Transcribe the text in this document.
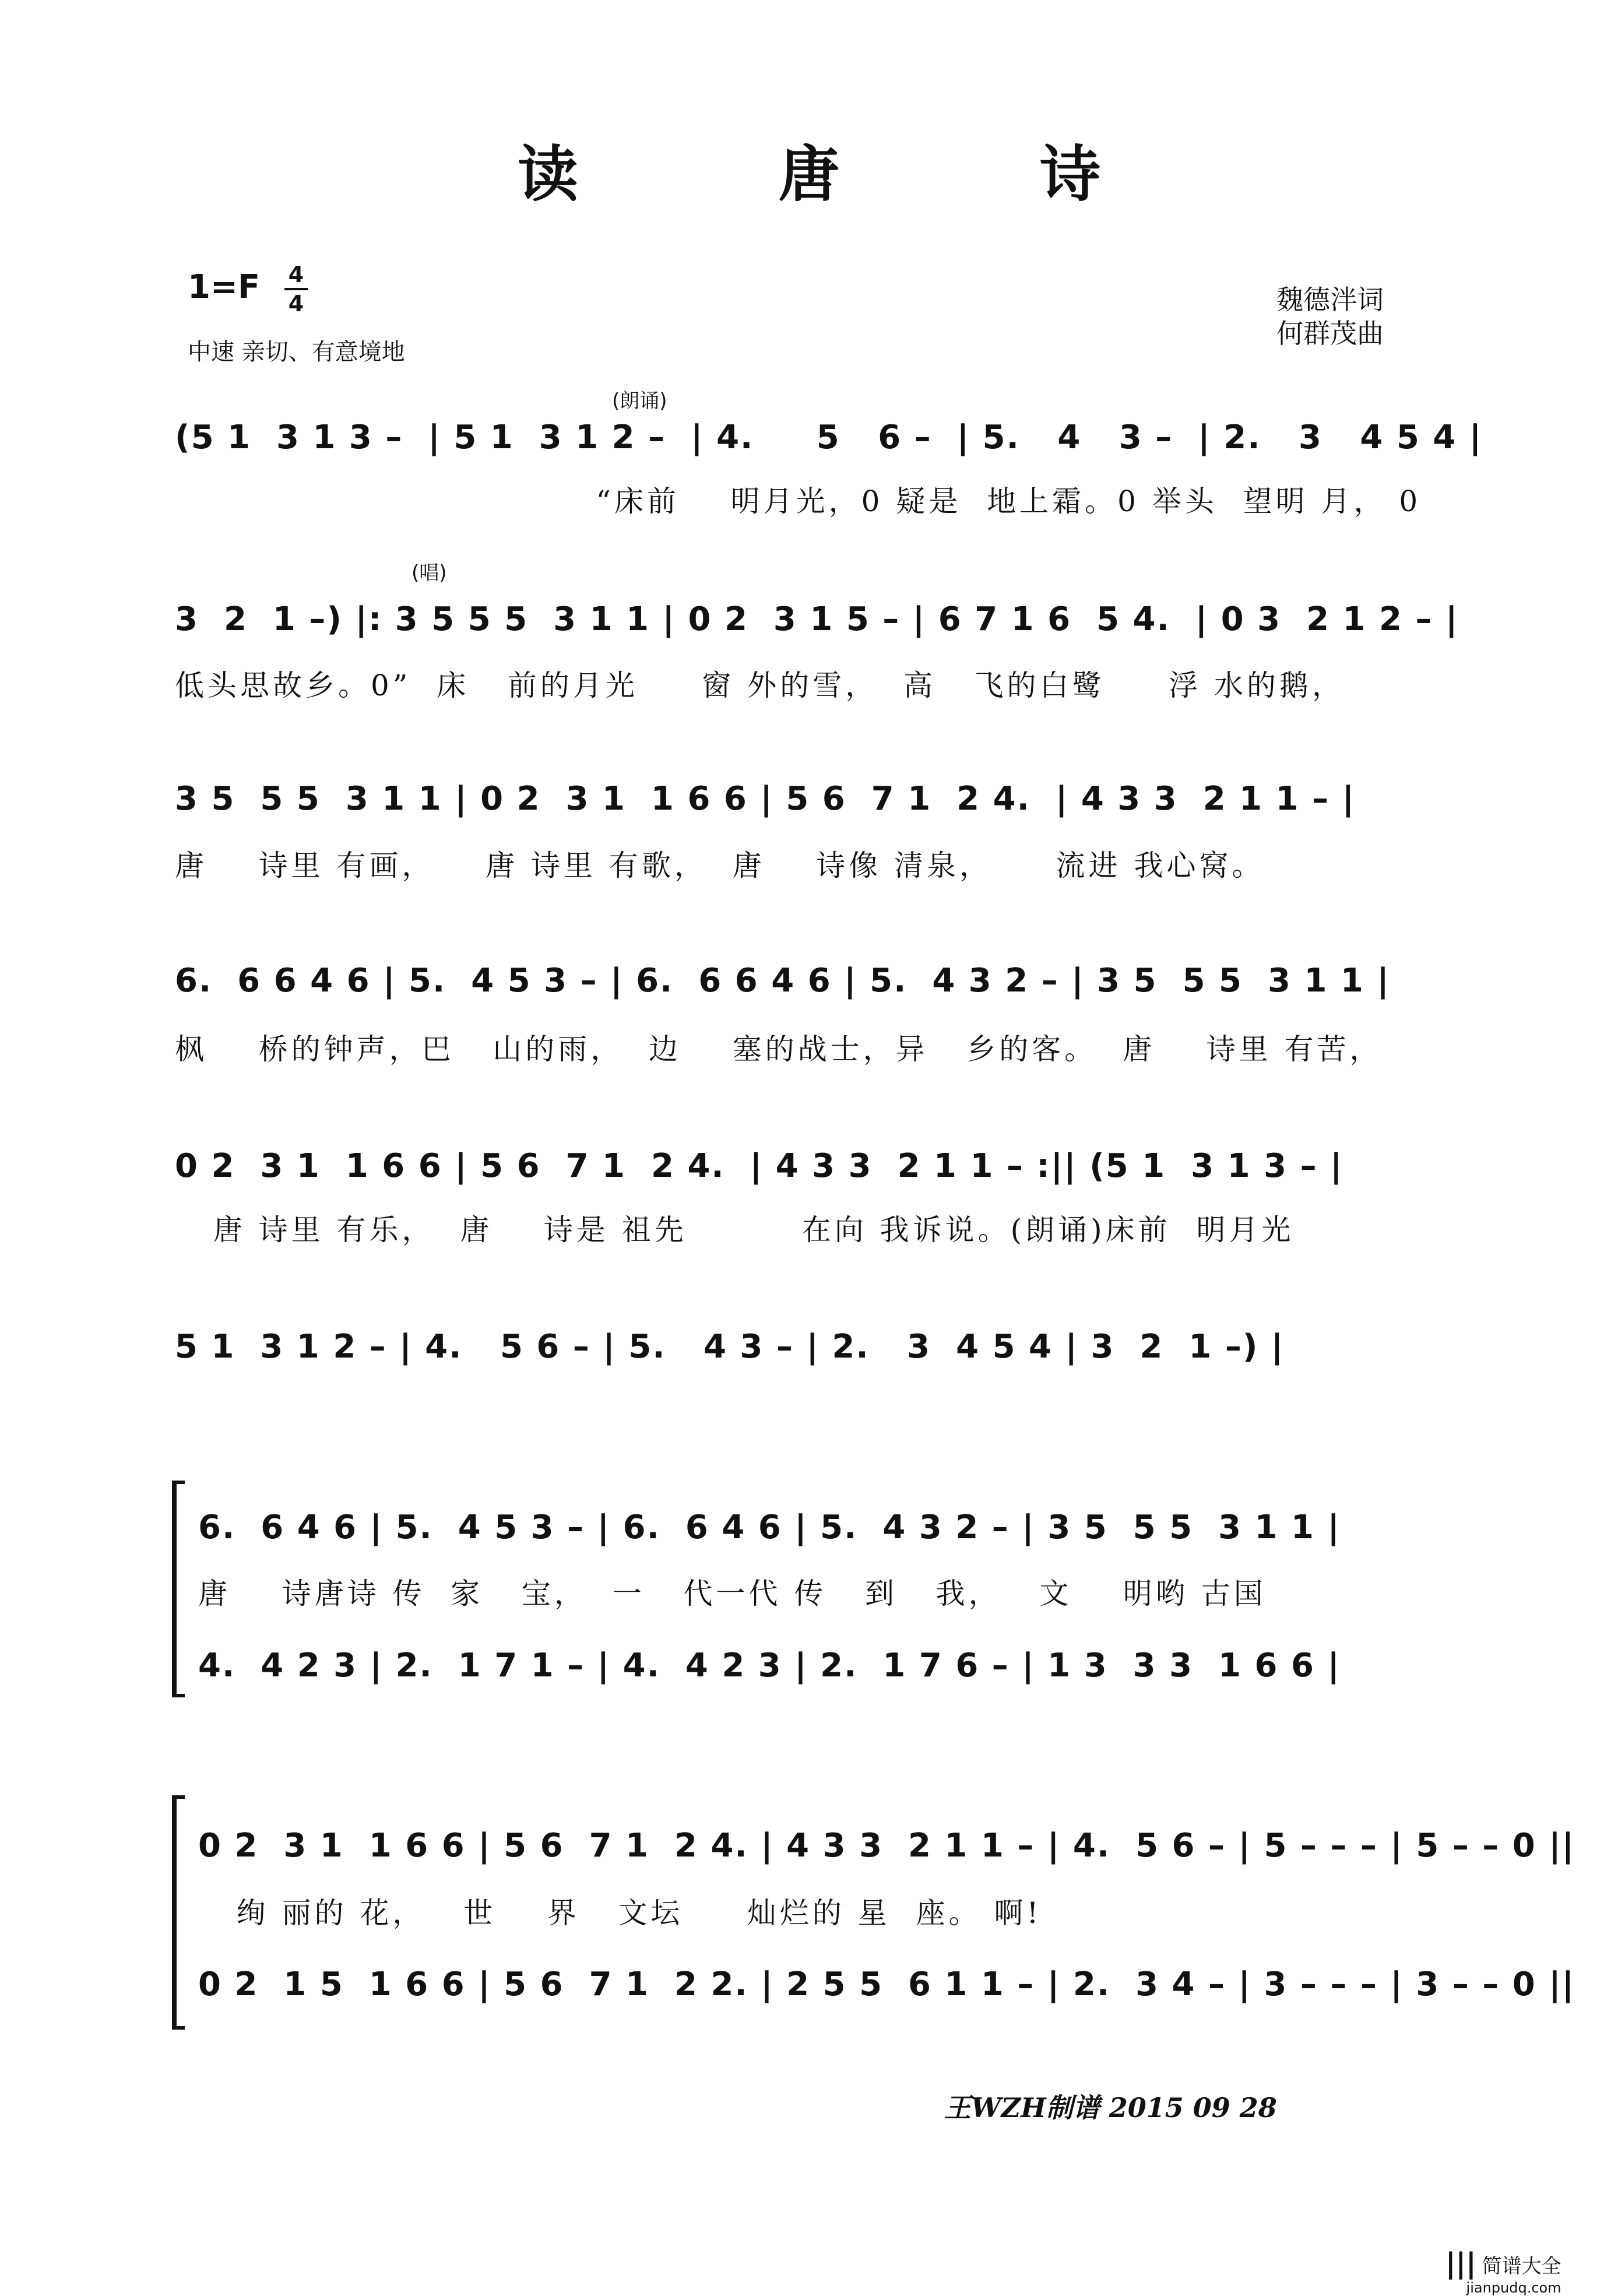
读　唐　诗
1=F 4
4
中速 亲切、有意境地
魏德泮词
何群茂曲
(朗诵)
(唱)
(5 1  3 1 3 –  | 5 1  3 1 2 –  | 4.     5   6 –  | 5.   4   3 –  | 2.   3   4 5 4 |
“床前    明月光，0 疑是  地上霜。0 举头  望明 月， 0
3  2  1 –) |: 3 5 5 5  3 1 1 | 0 2  3 1 5 – | 6 7 1 6  5 4.  | 0 3  2 1 2 – |
低头思故乡。0”  床   前的月光     窗 外的雪，  高   飞的白鹭     浮 水的鹅，
3 5  5 5  3 1 1 | 0 2  3 1  1 6 6 | 5 6  7 1  2 4.  | 4 3 3  2 1 1 – |
唐    诗里 有画，    唐 诗里 有歌，  唐    诗像 清泉，     流进 我心窝。
6.  6 6 4 6 | 5.  4 5 3 – | 6.  6 6 4 6 | 5.  4 3 2 – | 3 5  5 5  3 1 1 |
枫    桥的钟声，巴   山的雨，  边    塞的战士，异   乡的客。  唐    诗里 有苦，
0 2  3 1  1 6 6 | 5 6  7 1  2 4.  | 4 3 3  2 1 1 – :|| (5 1  3 1 3 – |
唐 诗里 有乐，  唐    诗是 祖先         在向 我诉说。(朗诵)床前  明月光
5 1  3 1 2 – | 4.   5 6 – | 5.   4 3 – | 2.   3  4 5 4 | 3  2  1 –) |
6.  6 4 6 | 5.  4 5 3 – | 6.  6 4 6 | 5.  4 3 2 – | 3 5  5 5  3 1 1 |
唐    诗唐诗 传  家   宝，  一   代一代 传   到   我，   文    明哟 古国
4.  4 2 3 | 2.  1 7 1 – | 4.  4 2 3 | 2.  1 7 6 – | 1 3  3 3  1 6 6 |
0 2  3 1  1 6 6 | 5 6  7 1  2 4. | 4 3 3  2 1 1 – | 4.  5 6 – | 5 – – – | 5 – – 0 ||
绚 丽的 花，   世    界   文坛     灿烂的 星  座。 啊!
0 2  1 5  1 6 6 | 5 6  7 1  2 2. | 2 5 5  6 1 1 – | 2.  3 4 – | 3 – – – | 3 – – 0 ||
王WZH制谱 2015 09 28
||| 简谱大全
jianpudq.com
